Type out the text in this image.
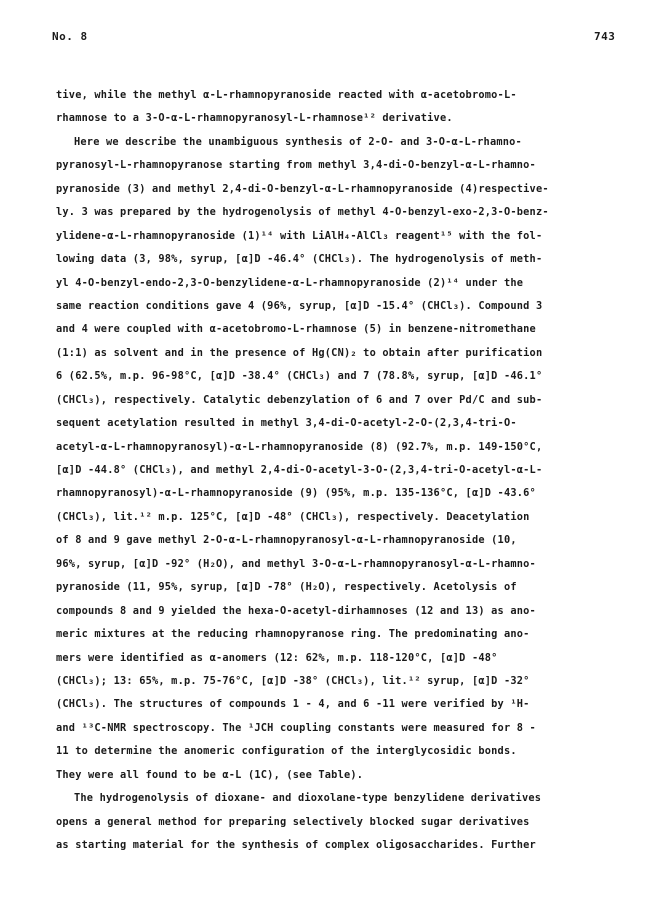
No. 8	743
tive, while the methyl α-L-rhamnopyranoside reacted with α-acetobromo-L-
rhamnose to a 3-O-α-L-rhamnopyranosyl-L-rhamnose¹² derivative.
Here we describe the unambiguous synthesis of 2-O- and 3-O-α-L-rhamno-
pyranosyl-L-rhamnopyranose starting from methyl 3,4-di-O-benzyl-α-L-rhamno-
pyranoside (3) and methyl 2,4-di-O-benzyl-α-L-rhamnopyranoside (4)respective-
ly. 3 was prepared by the hydrogenolysis of methyl 4-O-benzyl-exo-2,3-O-benz-
ylidene-α-L-rhamnopyranoside (1)¹⁴ with LiAlH₄-AlCl₃ reagent¹⁵ with the fol-
lowing data (3, 98%, syrup, [α]D -46.4° (CHCl₃). The hydrogenolysis of meth-
yl 4-O-benzyl-endo-2,3-O-benzylidene-α-L-rhamnopyranoside (2)¹⁴ under the
same reaction conditions gave 4 (96%, syrup, [α]D -15.4° (CHCl₃). Compound 3
and 4 were coupled with α-acetobromo-L-rhamnose (5) in benzene-nitromethane
(1:1) as solvent and in the presence of Hg(CN)₂ to obtain after purification
6 (62.5%, m.p. 96-98°C, [α]D -38.4° (CHCl₃) and 7 (78.8%, syrup, [α]D -46.1°
(CHCl₃), respectively. Catalytic debenzylation of 6 and 7 over Pd/C and sub-
sequent acetylation resulted in methyl 3,4-di-O-acetyl-2-O-(2,3,4-tri-O-
acetyl-α-L-rhamnopyranosyl)-α-L-rhamnopyranoside (8) (92.7%, m.p. 149-150°C,
[α]D -44.8° (CHCl₃), and methyl 2,4-di-O-acetyl-3-O-(2,3,4-tri-O-acetyl-α-L-
rhamnopyranosyl)-α-L-rhamnopyranoside (9) (95%, m.p. 135-136°C, [α]D -43.6°
(CHCl₃), lit.¹² m.p. 125°C, [α]D -48° (CHCl₃), respectively. Deacetylation
of 8 and 9 gave methyl 2-O-α-L-rhamnopyranosyl-α-L-rhamnopyranoside (10,
96%, syrup, [α]D -92° (H₂O), and methyl 3-O-α-L-rhamnopyranosyl-α-L-rhamno-
pyranoside (11, 95%, syrup, [α]D -78° (H₂O), respectively. Acetolysis of
compounds 8 and 9 yielded the hexa-O-acetyl-dirhamnoses (12 and 13) as ano-
meric mixtures at the reducing rhamnopyranose ring. The predominating ano-
mers were identified as α-anomers (12: 62%, m.p. 118-120°C, [α]D -48°
(CHCl₃); 13: 65%, m.p. 75-76°C, [α]D -38° (CHCl₃), lit.¹² syrup, [α]D -32°
(CHCl₃). The structures of compounds 1 - 4, and 6 -11 were verified by ¹H-
and ¹³C-NMR spectroscopy. The ¹JCH coupling constants were measured for 8 -
11 to determine the anomeric configuration of the interglycosidic bonds.
They were all found to be α-L (1C), (see Table).
The hydrogenolysis of dioxane- and dioxolane-type benzylidene derivatives
opens a general method for preparing selectively blocked sugar derivatives
as starting material for the synthesis of complex oligosaccharides. Further
